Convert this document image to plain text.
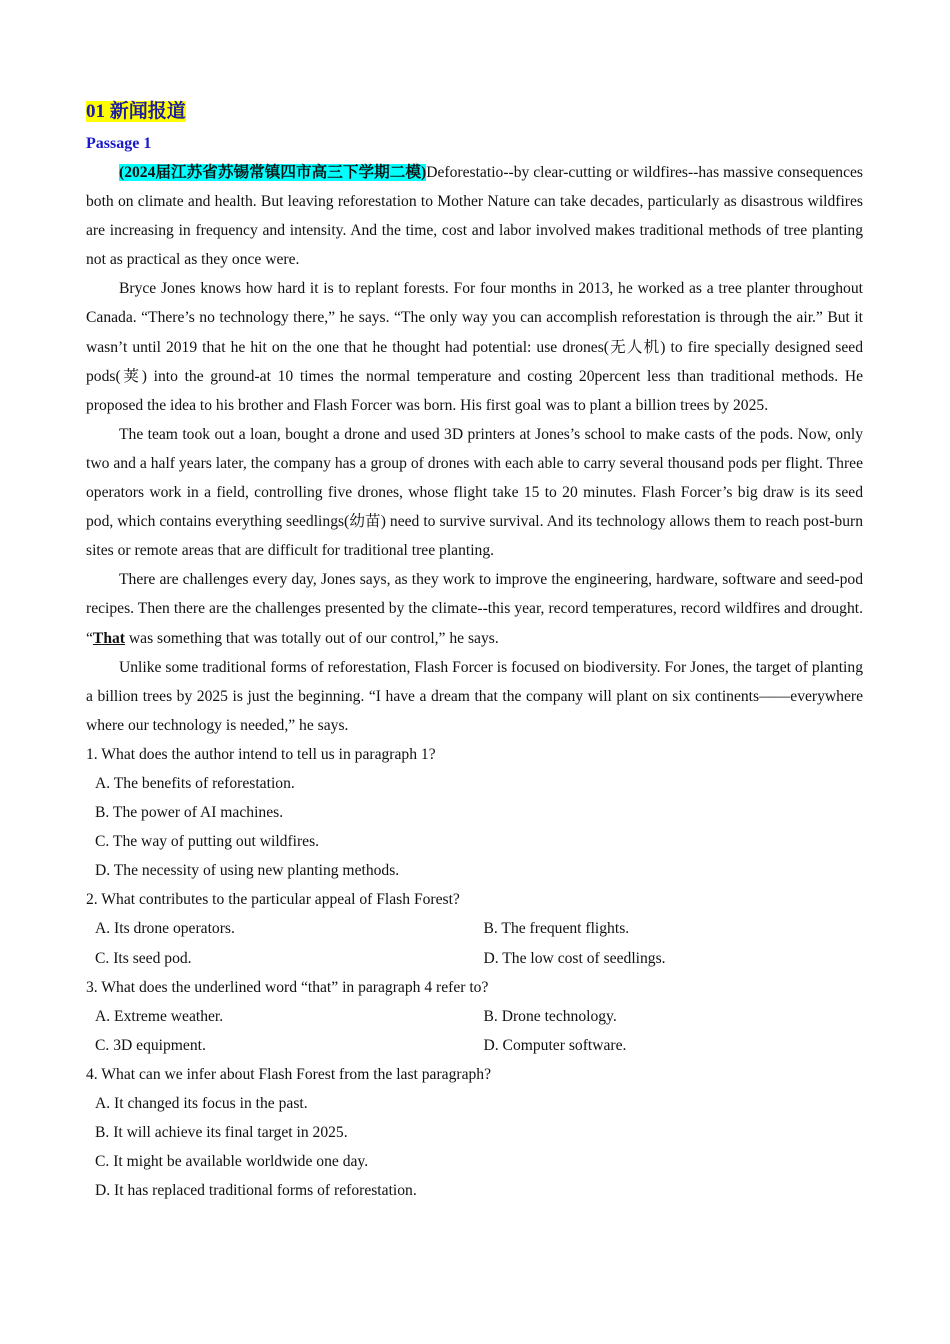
01 新闻报道
Passage 1

(2024届江苏省苏锡常镇四市高三下学期二模)Deforestatio--by clear-cutting or wildfires--has massive consequences both on climate and health. But leaving reforestation to Mother Nature can take decades, particularly as disastrous wildfires are increasing in frequency and intensity. And the time, cost and labor involved makes traditional methods of tree planting not as practical as they once were.

Bryce Jones knows how hard it is to replant forests. For four months in 2013, he worked as a tree planter throughout Canada. “There’s no technology there,” he says. “The only way you can accomplish reforestation is through the air.” But it wasn’t until 2019 that he hit on the one that he thought had potential: use drones(无人机) to fire specially designed seed pods(荚) into the ground-at 10 times the normal temperature and costing 20percent less than traditional methods. He proposed the idea to his brother and Flash Forcer was born. His first goal was to plant a billion trees by 2025.

The team took out a loan, bought a drone and used 3D printers at Jones’s school to make casts of the pods. Now, only two and a half years later, the company has a group of drones with each able to carry several thousand pods per flight. Three operators work in a field, controlling five drones, whose flight take 15 to 20 minutes. Flash Forcer’s big draw is its seed pod, which contains everything seedlings(幼苗) need to survive survival. And its technology allows them to reach post-burn sites or remote areas that are difficult for traditional tree planting.

There are challenges every day, Jones says, as they work to improve the engineering, hardware, software and seed-pod recipes. Then there are the challenges presented by the climate--this year, record temperatures, record wildfires and drought. “That was something that was totally out of our control,” he says.

Unlike some traditional forms of reforestation, Flash Forcer is focused on biodiversity. For Jones, the target of planting a billion trees by 2025 is just the beginning. “I have a dream that the company will plant on six continents——everywhere where our technology is needed,” he says.

1. What does the author intend to tell us in paragraph 1?
A. The benefits of reforestation.
B. The power of AI machines.
C. The way of putting out wildfires.
D. The necessity of using new planting methods.
2. What contributes to the particular appeal of Flash Forest?
A. Its drone operators.	B. The frequent flights.
C. Its seed pod.	D. The low cost of seedlings.
3. What does the underlined word “that” in paragraph 4 refer to?
A. Extreme weather.	B. Drone technology.
C. 3D equipment.	D. Computer software.
4. What can we infer about Flash Forest from the last paragraph?
A. It changed its focus in the past.
B. It will achieve its final target in 2025.
C. It might be available worldwide one day.
D. It has replaced traditional forms of reforestation.
